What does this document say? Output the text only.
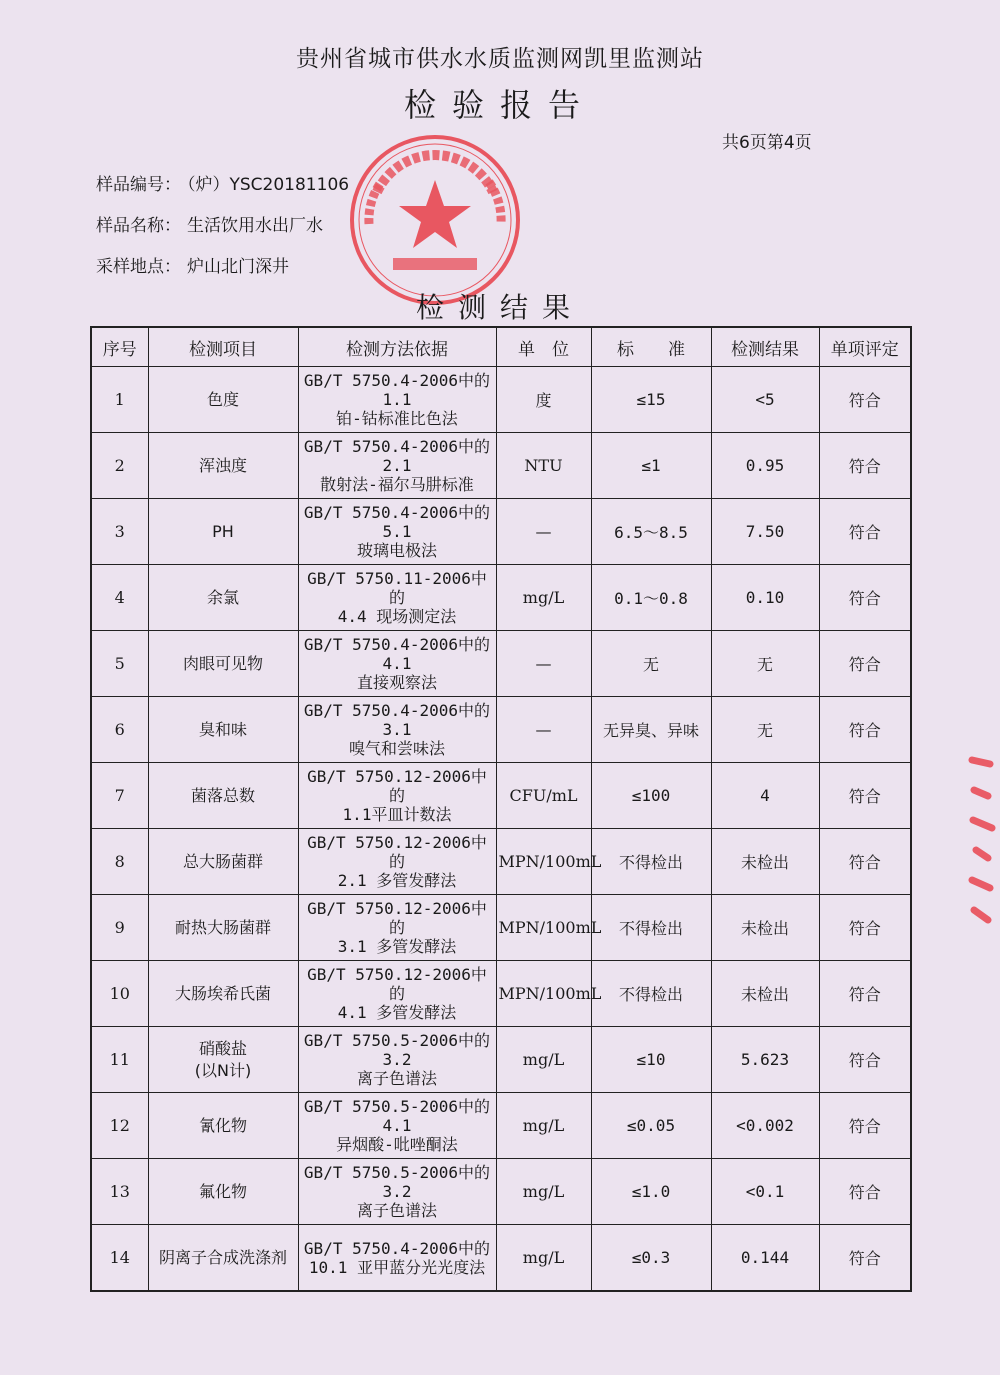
贵州省城市供水水质监测网凯里监测站
检验报告
共6页第4页
样品编号： （炉）YSC20181106
样品名称： 生活饮用水出厂水
采样地点： 炉山北门深井
检测结果
序号	检测项目	检测方法依据	单　位	标　　准	检测结果	单项评定
1	色度	GB/T 5750.4-2006中的1.1
铂-钴标准比色法	度	≤15	<5	符合
2	浑浊度	GB/T 5750.4-2006中的2.1
散射法-福尔马肼标准	NTU	≤1	0.95	符合
3	PH	GB/T 5750.4-2006中的5.1
玻璃电极法	—	6.5～8.5	7.50	符合
4	余氯	GB/T 5750.11-2006中的
4.4 现场测定法	mg/L	0.1～0.8	0.10	符合
5	肉眼可见物	GB/T 5750.4-2006中的4.1
直接观察法	—	无	无	符合
6	臭和味	GB/T 5750.4-2006中的3.1
嗅气和尝味法	—	无异臭、异味	无	符合
7	菌落总数	GB/T 5750.12-2006中的
1.1平皿计数法	CFU/mL	≤100	4	符合
8	总大肠菌群	GB/T 5750.12-2006中的
2.1 多管发酵法	MPN/100mL	不得检出	未检出	符合
9	耐热大肠菌群	GB/T 5750.12-2006中的
3.1 多管发酵法	MPN/100mL	不得检出	未检出	符合
10	大肠埃希氏菌	GB/T 5750.12-2006中的
4.1 多管发酵法	MPN/100mL	不得检出	未检出	符合
11	硝酸盐
(以N计)	GB/T 5750.5-2006中的3.2
离子色谱法	mg/L	≤10	5.623	符合
12	氰化物	GB/T 5750.5-2006中的4.1
异烟酸-吡唑酮法	mg/L	≤0.05	<0.002	符合
13	氟化物	GB/T 5750.5-2006中的3.2
离子色谱法	mg/L	≤1.0	<0.1	符合
14	阴离子合成洗涤剂	GB/T 5750.4-2006中的
10.1 亚甲蓝分光光度法	mg/L	≤0.3	0.144	符合
